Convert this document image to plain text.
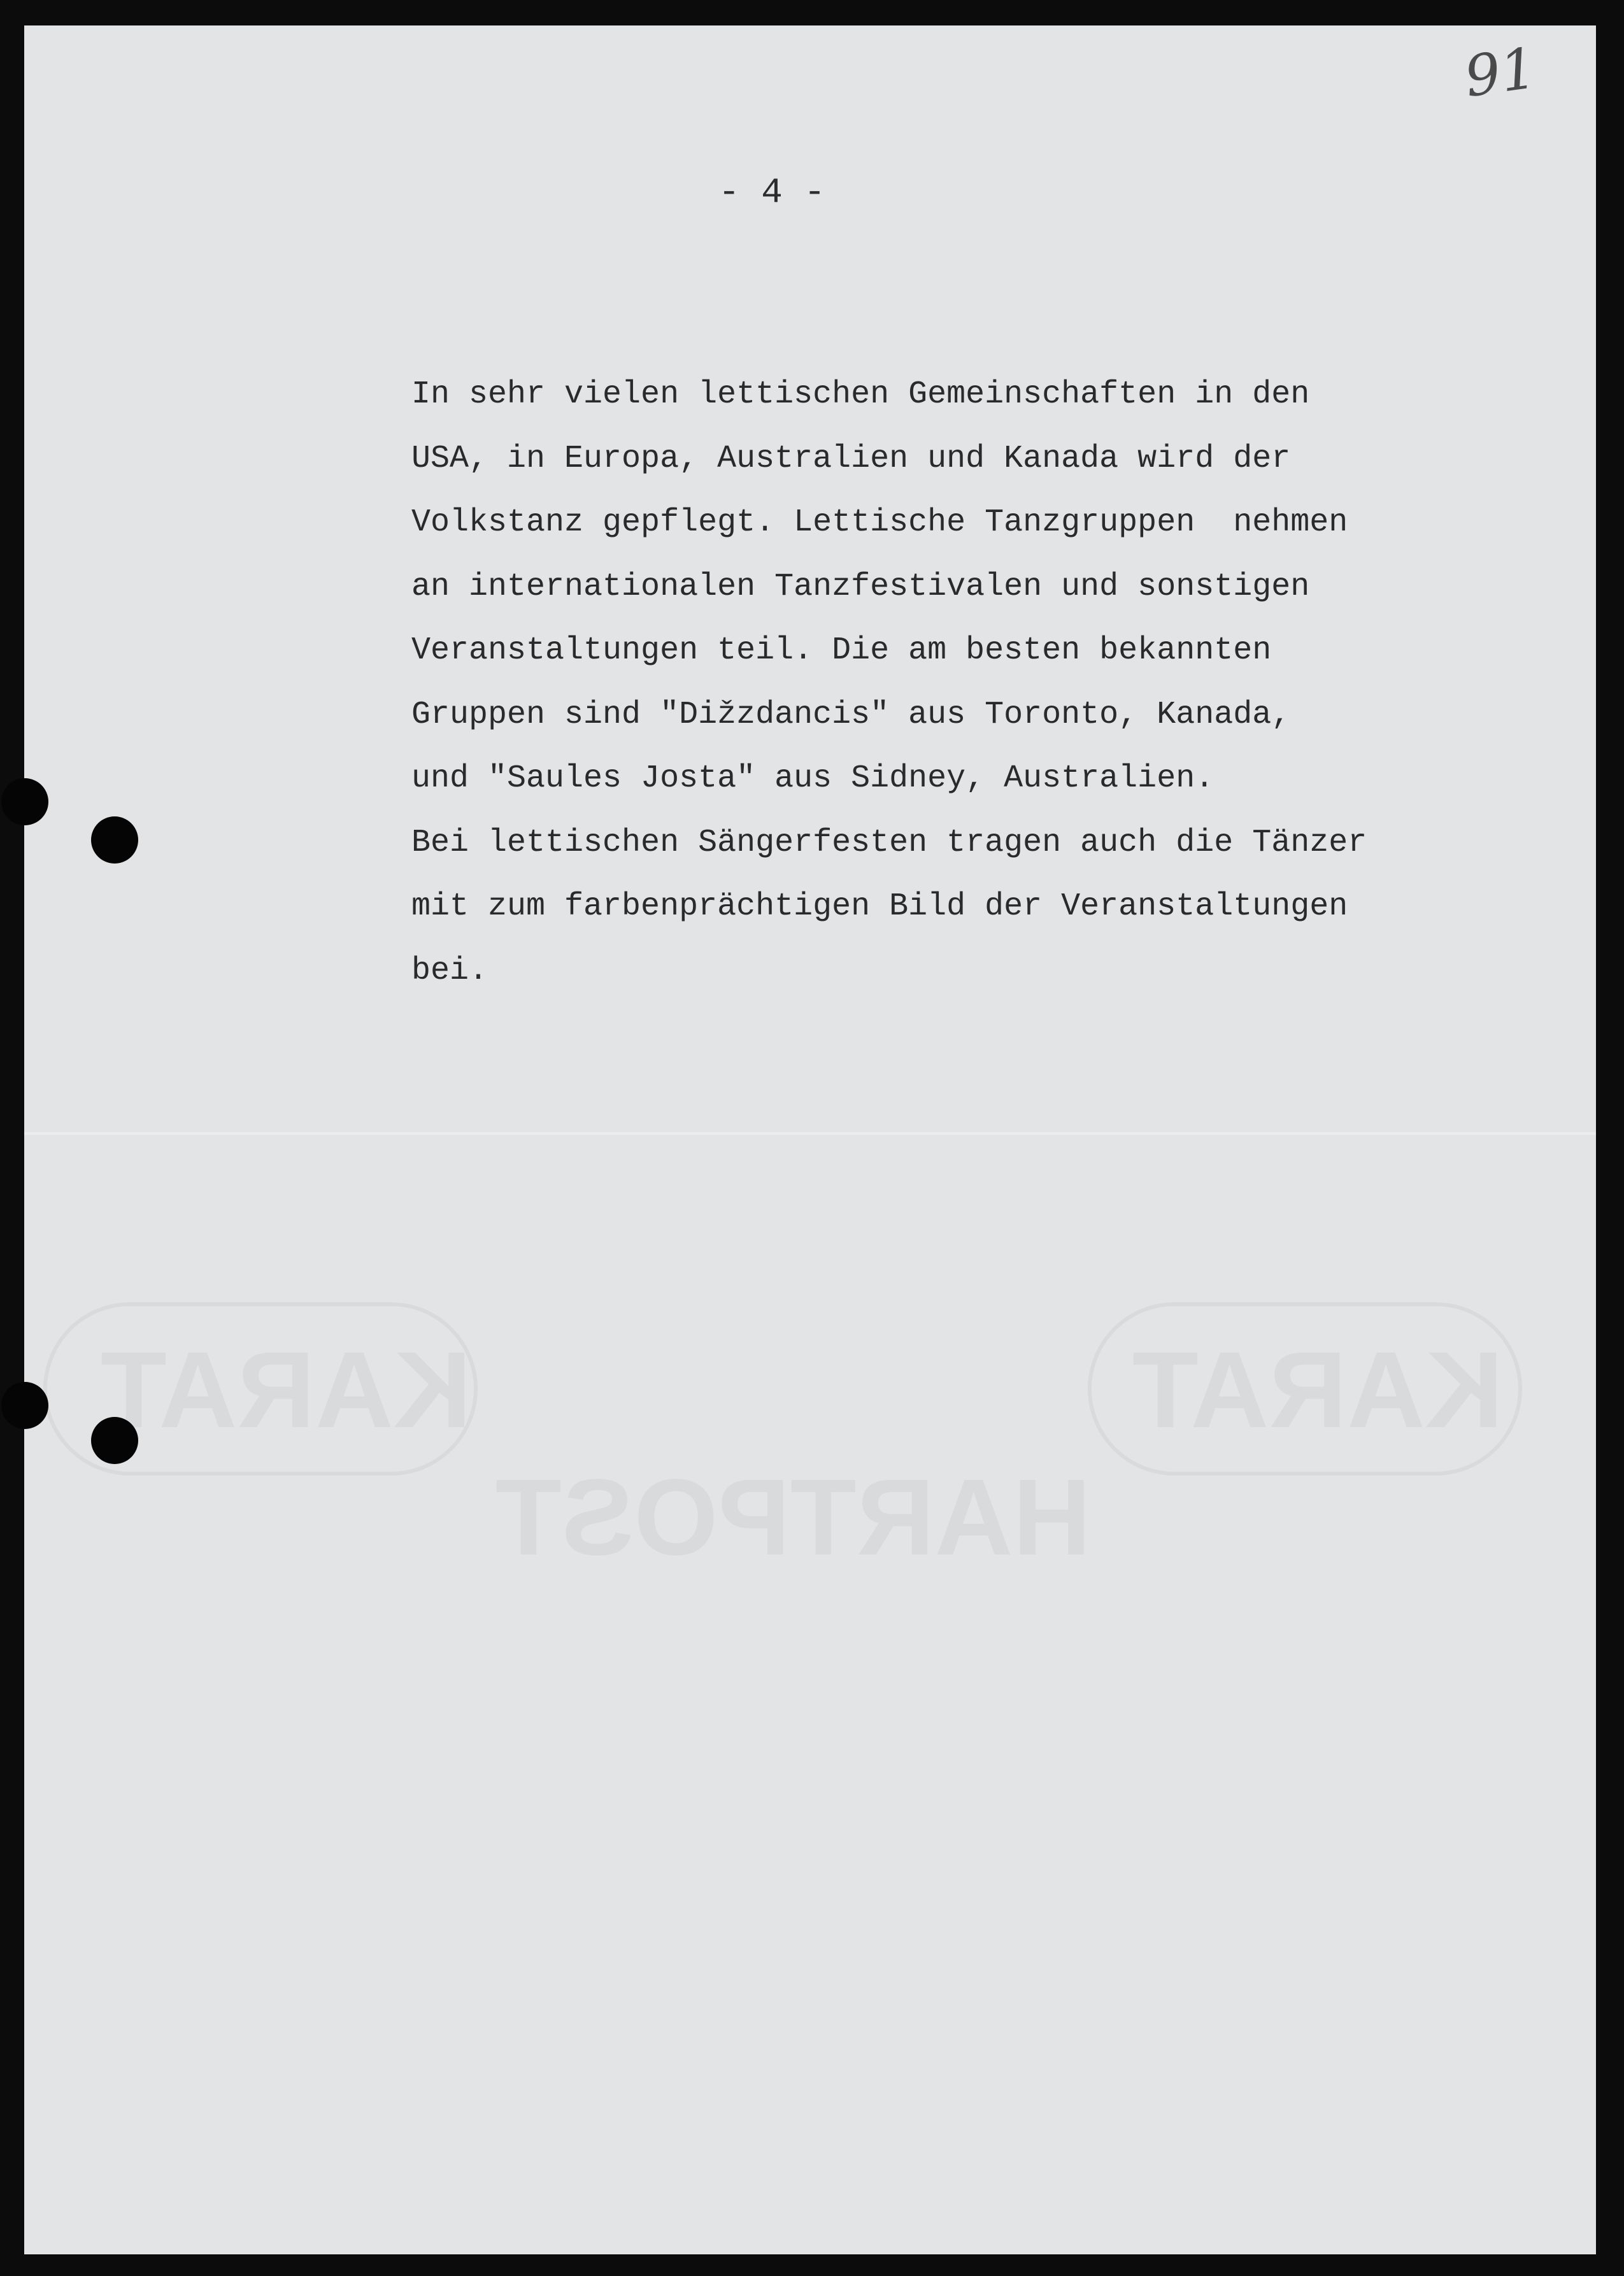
91
- 4 -
In sehr vielen lettischen Gemeinschaften in den
USA, in Europa, Australien und Kanada wird der
Volkstanz gepflegt. Lettische Tanzgruppen  nehmen
an internationalen Tanzfestivalen und sonstigen
Veranstaltungen teil. Die am besten bekannten
Gruppen sind "Dižzdancis" aus Toronto, Kanada,
und "Saules Josta" aus Sidney, Australien.
Bei lettischen Sängerfesten tragen auch die Tänzer
mit zum farbenprächtigen Bild der Veranstaltungen
bei.
